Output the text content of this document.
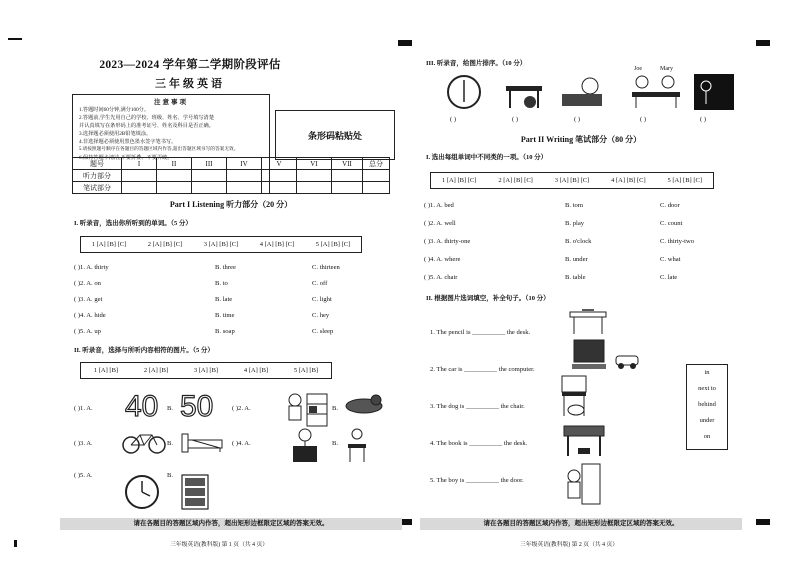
2023—2024 学年第二学期阶段评估
三年级英语
注意事项
1.答题时间60分钟,满分100分。
2.答题前,学生先用自己的学校、班级、姓名、学号填写清楚
并认真填写在条形码上的准考证号、姓名及科目是否正确。
3.选择题必须使用2B铅笔填涂。
4.非选择题必须使用黑色墨水签字笔书写。
5.请按照题号顺序在各题目的答题区域内作答,超出答题区域书写的答案无效。
6.保持答题卡清洁,不要折叠、不要弄破。
条形码粘贴处
题号	I	II	III	IV	V	VI	VII	总分
听力部分								
笔试部分								
Part I Listening 听力部分（20 分）
I. 听录音，选出你所听到的单词。（5 分）
1 [A] [B] [C]	2 [A] [B] [C]	3 [A] [B] [C]	4 [A] [B] [C]	5 [A] [B] [C]
( )1. A. thirty	B. three	C. thirteen
( )2. A. on	B. to	C. off
( )3. A. get	B. late	C. light
( )4. A. hide	B. time	C. hey
( )5. A. up	B. soap	C. sleep
II. 听录音，选择与所听内容相符的图片。（5 分）
1 [A] [B]	2 [A] [B]	3 [A] [B]	4 [A] [B]	5 [A] [B]
( )1. A. 40 B. 50	( )2. A.	B.
( )3. A.	B.	( )4. A.	B.
( )5. A.	B.
请在各题目的答题区域内作答，超出矩形边框限定区域的答案无效。
三年级英语(教科版) 第 1 页（共 4 页）
III. 听录音，给图片排序。（10 分）
Joe	Mary
( )	( )	( )	( )	( )
Part II Writing 笔试部分（80 分）
I. 选出每组单词中不同类的一项。（10 分）
1 [A] [B] [C]	2 [A] [B] [C]	3 [A] [B] [C]	4 [A] [B] [C]	5 [A] [B] [C]
( )1. A. bed	B. tom	C. door
( )2. A. well	B. play	C. count
( )3. A. thirty-one	B. o'clock	C. thirty-two
( )4. A. where	B. under	C. what
( )5. A. chair	B. table	C. late
II. 根据图片选词填空，补全句子。（10 分）
1. The pencil is __________ the desk.
2. The car is __________ the computer.
3. The dog is __________ the chair.
4. The book is __________ the desk.
5. The boy is __________ the door.
in
next to
behind
under
on
请在各题目的答题区域内作答，超出矩形边框限定区域的答案无效。
三年级英语(教科版) 第 2 页（共 4 页）
